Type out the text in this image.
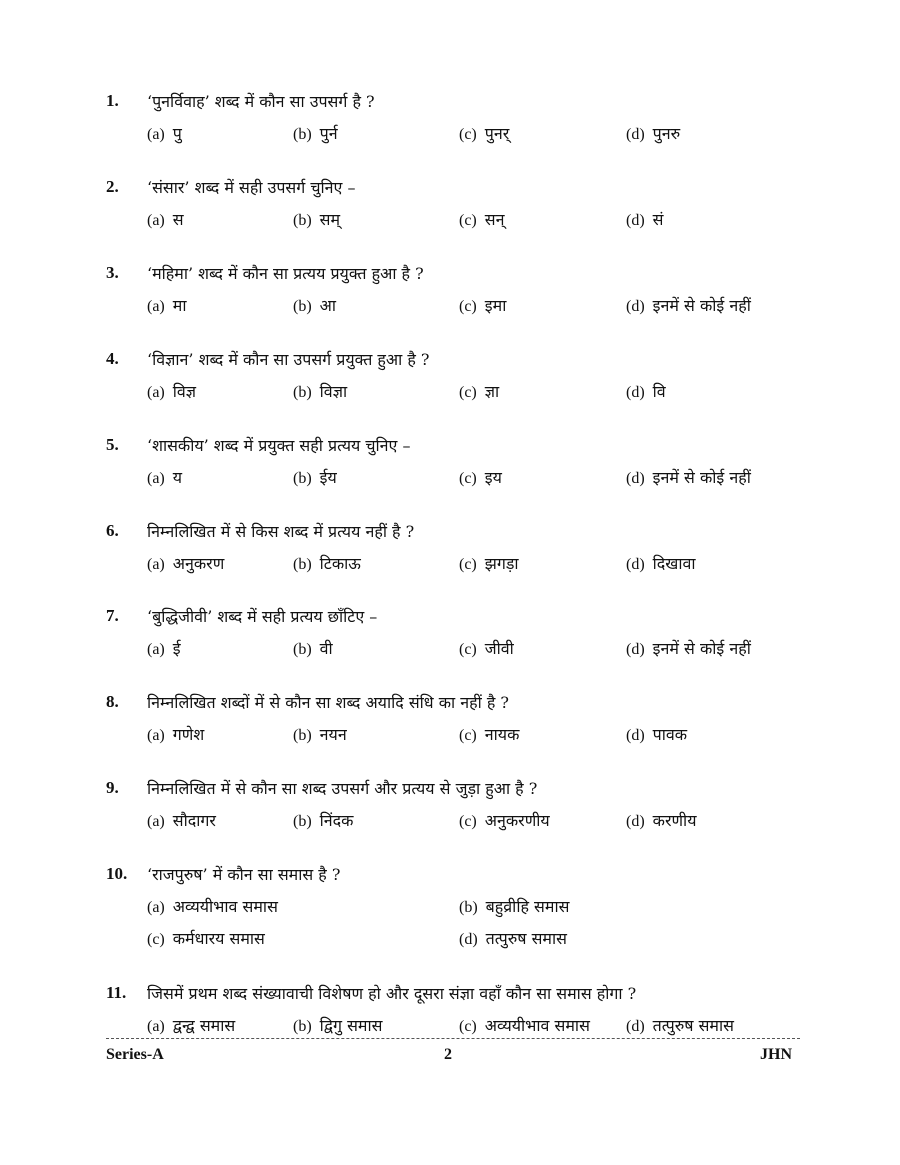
1. ‘पुनर्विवाह’ शब्द में कौन सा उपसर्ग है ?
(a) पु	(b) पुर्न	(c) पुनर्	(d) पुनरु
2. ‘संसार’ शब्द में सही उपसर्ग चुनिए –
(a) स	(b) सम्	(c) सन्	(d) सं
3. ‘महिमा’ शब्द में कौन सा प्रत्यय प्रयुक्त हुआ है ?
(a) मा	(b) आ	(c) इमा	(d) इनमें से कोई नहीं
4. ‘विज्ञान’ शब्द में कौन सा उपसर्ग प्रयुक्त हुआ है ?
(a) विज्ञ	(b) विज्ञा	(c) ज्ञा	(d) वि
5. ‘शासकीय’ शब्द में प्रयुक्त सही प्रत्यय चुनिए –
(a) य	(b) ईय	(c) इय	(d) इनमें से कोई नहीं
6. निम्नलिखित में से किस शब्द में प्रत्यय नहीं है ?
(a) अनुकरण	(b) टिकाऊ	(c) झगड़ा	(d) दिखावा
7. ‘बुद्धिजीवी’ शब्द में सही प्रत्यय छाँटिए –
(a) ई	(b) वी	(c) जीवी	(d) इनमें से कोई नहीं
8. निम्नलिखित शब्दों में से कौन सा शब्द अयादि संधि का नहीं है ?
(a) गणेश	(b) नयन	(c) नायक	(d) पावक
9. निम्नलिखित में से कौन सा शब्द उपसर्ग और प्रत्यय से जुड़ा हुआ है ?
(a) सौदागर	(b) निंदक	(c) अनुकरणीय	(d) करणीय
10. ‘राजपुरुष’ में कौन सा समास है ?
(a) अव्ययीभाव समास	(b) बहुव्रीहि समास
(c) कर्मधारय समास	(d) तत्पुरुष समास
11. जिसमें प्रथम शब्द संख्यावाची विशेषण हो और दूसरा संज्ञा वहाँ कौन सा समास होगा ?
(a) द्वन्द्व समास	(b) द्विगु समास	(c) अव्ययीभाव समास (d) तत्पुरुष समास
Series-A	2	JHN
